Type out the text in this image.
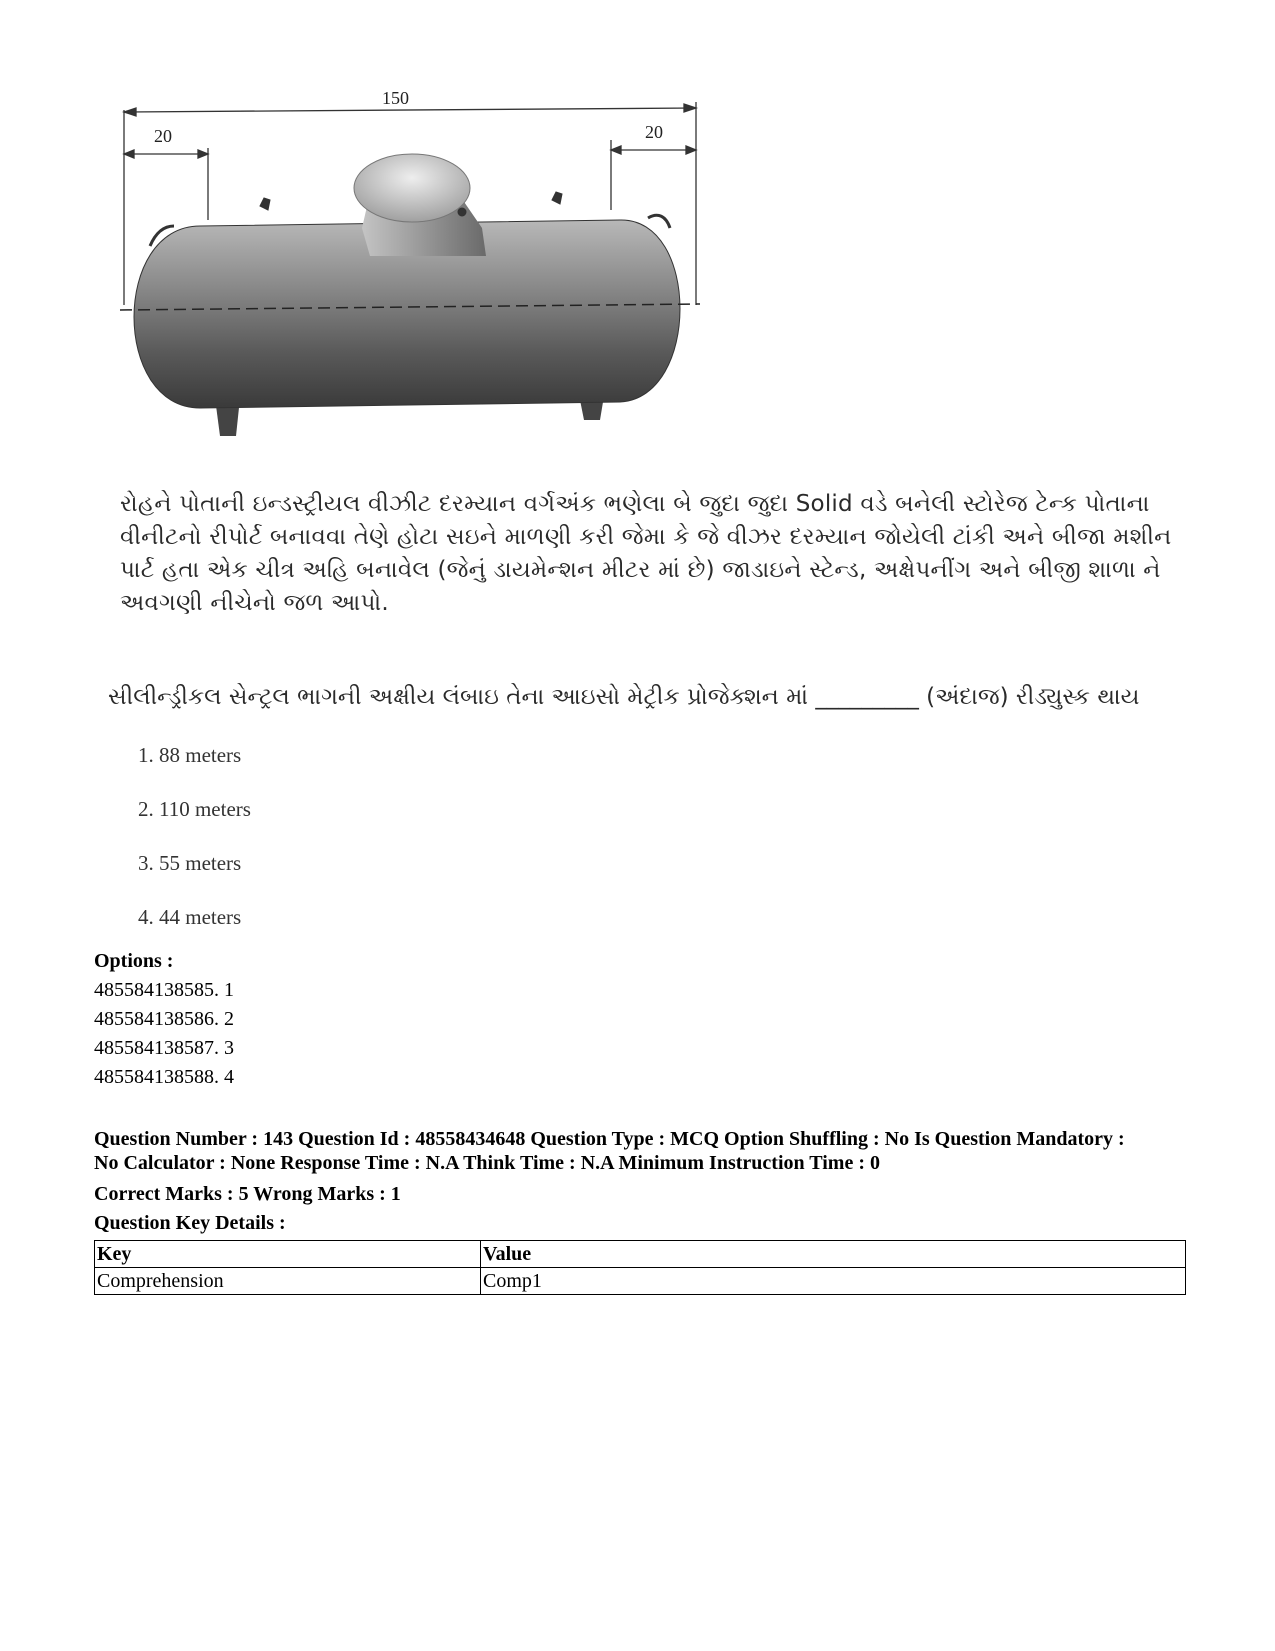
150
20	20
રોહને પોતાની ઇન્ડસ્ટ્રીયલ વીઝીટ દરમ્યાન વર્ગઅંક ભણેલા બે જુદા જુદા Solid વડે બનેલી સ્ટોરેજ ટેન્ક પોતાના વીનીટનો રીપોર્ટ બનાવવા તેણે હોટા સઇને માળણી કરી જેમા કે જે વીઝર દરમ્યાન જોયેલી ટાંકી અને બીજા મશીન પાર્ટ હતા એક ચીત્ર અહિ બનાવેલ (જેનું ડાયમેન્શન મીટર માં છે) જાડાઇને સ્ટેન્ડ, અક્ષેપનીંગ અને બીજી શાળા ને અવગણી નીચેનો જળ આપો.
સીલીન્ડ્રીકલ સેન્ટ્રલ ભાગની અક્ષીય લંબાઇ તેના આઇસો મેટ્રીક પ્રોજેક્શન માં _________ (અંદાજ) રીડ્યુસ્ક થાય
1. 88 meters
2. 110 meters
3. 55 meters
4. 44 meters
Options :
485584138585. 1
485584138586. 2
485584138587. 3
485584138588. 4

Question Number : 143 Question Id : 48558434648 Question Type : MCQ Option Shuffling : No Is Question Mandatory :

No Calculator : None Response Time : N.A Think Time : N.A Minimum Instruction Time : 0

Correct Marks : 5 Wrong Marks : 1
Question Key Details :
Key	Value
Comprehension	Comp1
